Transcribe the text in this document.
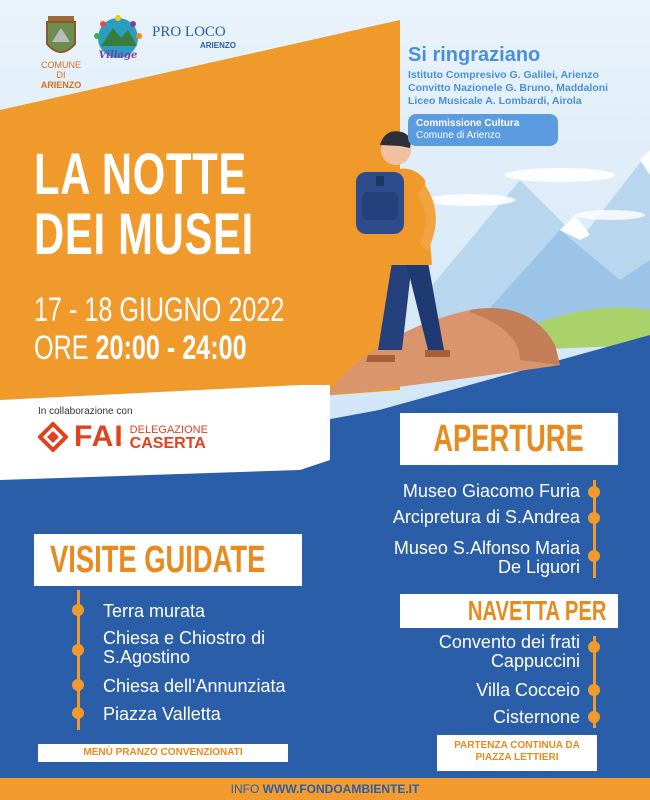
COMUNE DI
ARIENZO
Village
PRO LOCO
ARIENZO	Si ringraziano
Istituto Compresivo G. Galilei, Arienzo
Convitto Nazionele G. Bruno, Maddaloni
Liceo Musicale A. Lombardi, Airola
Commissione Cultura
Comune di Arienzo
LA NOTTE
DEI MUSEI
17 - 18 GIUGNO 2022
ORE 20:00 - 24:00
In collaborazione con
FAI DELEGAZIONE
CASERTA	APERTURE
Museo Giacomo Furia
Arcipretura di S.Andrea
Museo S.Alfonso Maria
De Liguori
VISITE GUIDATE
Terra murata
Chiesa e Chiostro di
S.Agostino
Chiesa dell'Annunziata
Piazza Valletta
MENÙ PRANZO CONVENZIONATI
NAVETTA PER
Convento dei frati
Cappuccini
Villa Cocceio
Cisternone
PARTENZA CONTINUA DA
PIAZZA LETTIERI
INFO WWW.FONDOAMBIENTE.IT
